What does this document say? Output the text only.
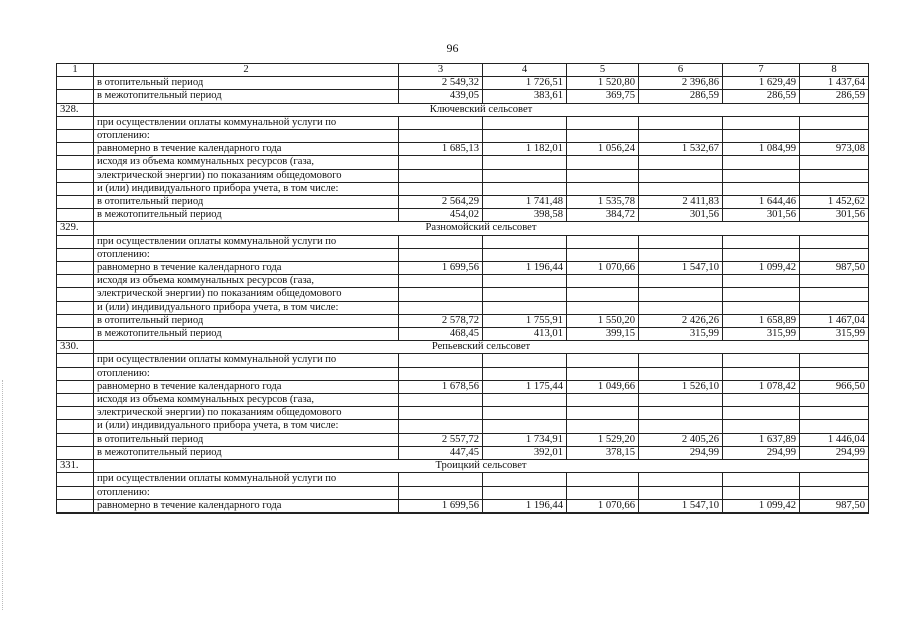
96
1	2	3	4	5	6	7	8
	в отопительный период	2 549,32	1 726,51	1 520,80	2 396,86	1 629,49	1 437,64
	в межотопительный период	439,05	383,61	369,75	286,59	286,59	286,59
328.	Ключевский сельсовет						
	при осуществлении оплаты коммунальной услуги по						
	отоплению:						
	равномерно в течение календарного года	1 685,13	1 182,01	1 056,24	1 532,67	1 084,99	973,08
	исходя из объема коммунальных ресурсов (газа,						
	электрической энергии) по показаниям общедомового						
	и (или) индивидуального прибора учета, в том числе:						
	в отопительный период	2 564,29	1 741,48	1 535,78	2 411,83	1 644,46	1 452,62
	в межотопительный период	454,02	398,58	384,72	301,56	301,56	301,56
329.	Разномойский сельсовет						
	при осуществлении оплаты коммунальной услуги по						
	отоплению:						
	равномерно в течение календарного года	1 699,56	1 196,44	1 070,66	1 547,10	1 099,42	987,50
	исходя из объема коммунальных ресурсов (газа,						
	электрической энергии) по показаниям общедомового						
	и (или) индивидуального прибора учета, в том числе:						
	в отопительный период	2 578,72	1 755,91	1 550,20	2 426,26	1 658,89	1 467,04
	в межотопительный период	468,45	413,01	399,15	315,99	315,99	315,99
330.	Репьевский сельсовет						
	при осуществлении оплаты коммунальной услуги по						
	отоплению:						
	равномерно в течение календарного года	1 678,56	1 175,44	1 049,66	1 526,10	1 078,42	966,50
	исходя из объема коммунальных ресурсов (газа,						
	электрической энергии) по показаниям общедомового						
	и (или) индивидуального прибора учета, в том числе:						
	в отопительный период	2 557,72	1 734,91	1 529,20	2 405,26	1 637,89	1 446,04
	в межотопительный период	447,45	392,01	378,15	294,99	294,99	294,99
331.	Троицкий сельсовет						
	при осуществлении оплаты коммунальной услуги по						
	отоплению:						
	равномерно в течение календарного года	1 699,56	1 196,44	1 070,66	1 547,10	1 099,42	987,50
